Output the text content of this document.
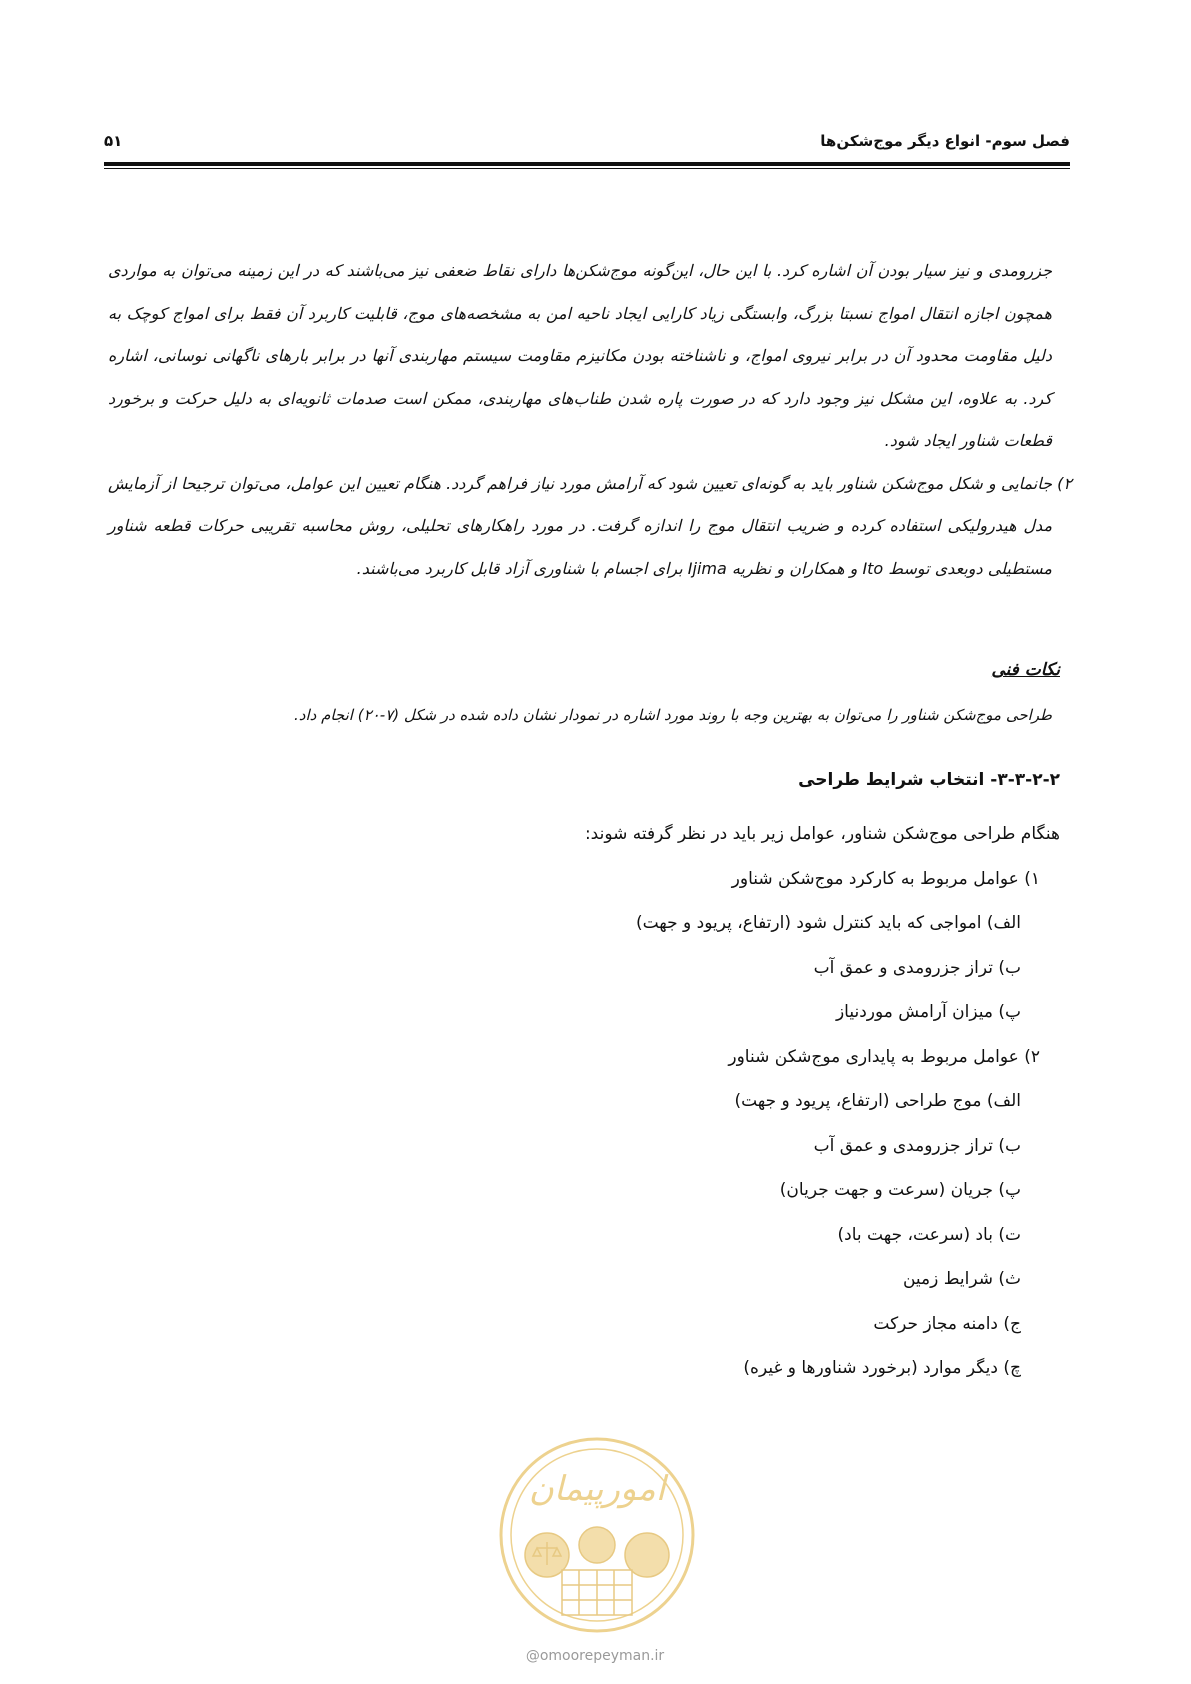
فصل سوم- انواع دیگر موج‌شکن‌ها
۵۱

جزرومدی و نیز سیار بودن آن اشاره کرد. با این حال، این‌گونه موج‌شکن‌ها دارای نقاط ضعفی نیز می‌باشند که در این زمینه می‌توان به مواردی همچون اجازه انتقال امواج نسبتا بزرگ، وابستگی زیاد کارایی ایجاد ناحیه امن به مشخصه‌های موج، قابلیت کاربرد آن فقط برای امواج کوچک به دلیل مقاومت محدود آن در برابر نیروی امواج، و ناشناخته بودن مکانیزم مقاومت سیستم مهاربندی آنها در برابر بارهای ناگهانی نوسانی، اشاره کرد. به علاوه، این مشکل نیز وجود دارد که در صورت پاره شدن طناب‌های مهاربندی، ممکن است صدمات ثانویه‌ای به دلیل حرکت و برخورد قطعات شناور ایجاد شود.

۲)
جانمایی و شکل موج‌شکن شناور باید به گونه‌ای تعیین شود که آرامش مورد نیاز فراهم گردد. هنگام تعیین این عوامل، می‌توان ترجیحا از آزمایش مدل هیدرولیکی استفاده کرده و ضریب انتقال موج را اندازه گرفت. در مورد راهکارهای تحلیلی، روش محاسبه تقریبی حرکات قطعه شناور مستطیلی دوبعدی توسط Ito و همکاران و نظریه Ijima برای اجسام با شناوری آزاد قابل کاربرد می‌باشند.

نکات فنی
طراحی موج‌شکن شناور را می‌توان به بهترین وجه با روند مورد اشاره در نمودار نشان داده شده در شکل (۷-۲۰) انجام داد.
۳-۳-۲-۲- انتخاب شرایط طراحی
هنگام طراحی موج‌شکن شناور، عوامل زیر باید در نظر گرفته شوند:
۱) عوامل مربوط به کارکرد موج‌شکن شناور
الف) امواجی که باید کنترل شود (ارتفاع، پریود و جهت)
ب) تراز جزرومدی و عمق آب
پ) میزان آرامش موردنیاز
۲) عوامل مربوط به پایداری موج‌شکن شناور
الف) موج طراحی (ارتفاع، پریود و جهت)
ب) تراز جزرومدی و عمق آب
پ) جریان (سرعت و جهت جریان)
ت) باد (سرعت، جهت باد)
ث) شرایط زمین
ج) دامنه مجاز حرکت
چ) دیگر موارد (برخورد شناورها و غیره)
امورپیمان
@omoorepeyman.ir
